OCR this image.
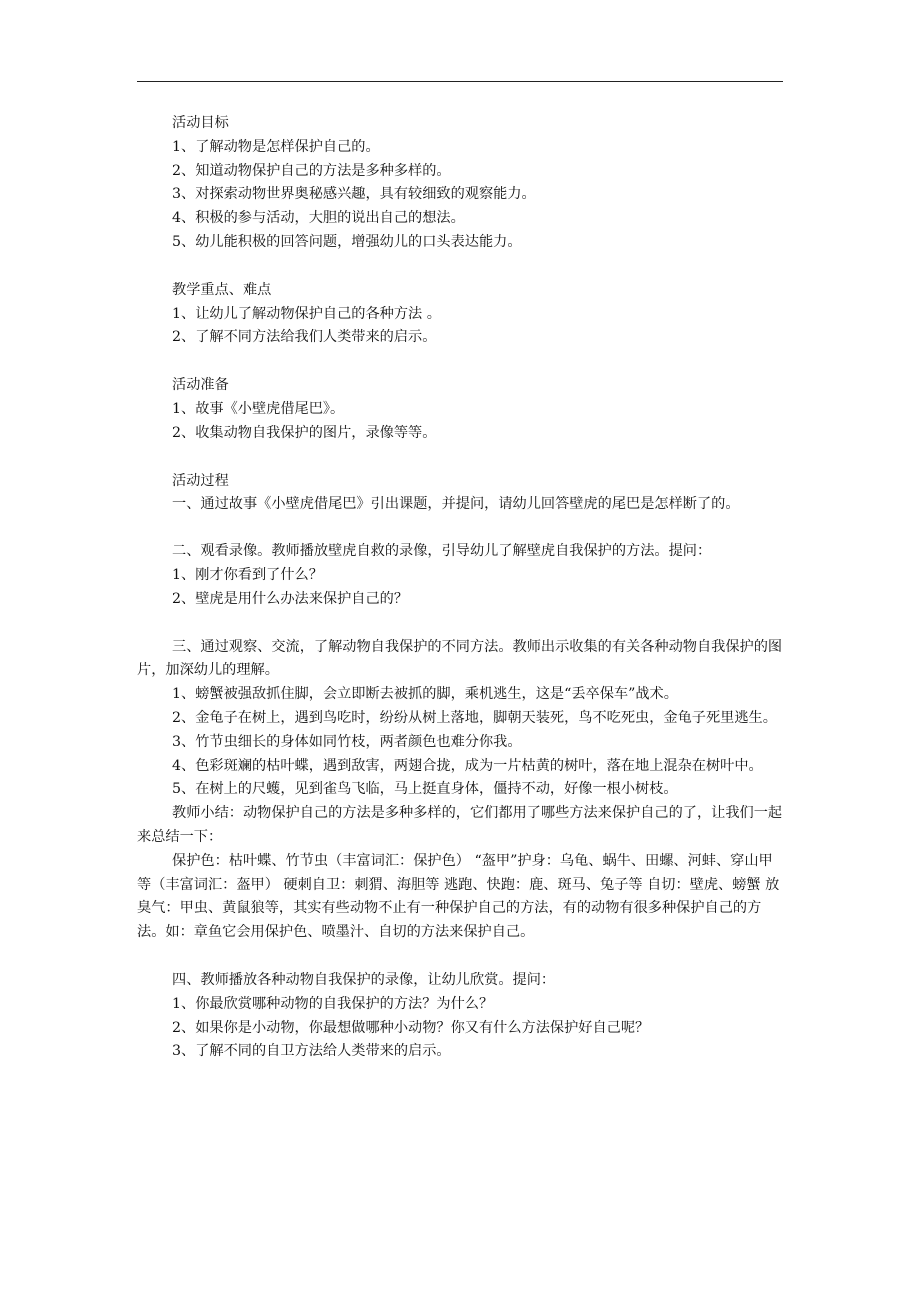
活动目标
1、了解动物是怎样保护自己的。
2、知道动物保护自己的方法是多种多样的。
3、对探索动物世界奥秘感兴趣，具有较细致的观察能力。
4、积极的参与活动，大胆的说出自己的想法。
5、幼儿能积极的回答问题，增强幼儿的口头表达能力。
教学重点、难点
1、让幼儿了解动物保护自己的各种方法 。
2、了解不同方法给我们人类带来的启示。
活动准备
1、故事《小壁虎借尾巴》。
2、收集动物自我保护的图片，录像等等。
活动过程

一、通过故事《小壁虎借尾巴》引出课题，并提问，请幼儿回答壁虎的尾巴是怎样断了的。

二、观看录像。教师播放壁虎自救的录像，引导幼儿了解壁虎自我保护的方法。提问：
1、刚才你看到了什么？
2、壁虎是用什么办法来保护自己的？

三、通过观察、交流，了解动物自我保护的不同方法。教师出示收集的有关各种动物自我保护的图片，加深幼儿的理解。

1、螃蟹被强敌抓住脚，会立即断去被抓的脚，乘机逃生，这是“丢卒保车”战术。

2、金龟子在树上，遇到鸟吃时，纷纷从树上落地，脚朝天装死，鸟不吃死虫，金龟子死里逃生。

3、竹节虫细长的身体如同竹枝，两者颜色也难分你我。

4、色彩斑斓的枯叶蝶，遇到敌害，两翅合拢，成为一片枯黄的树叶，落在地上混杂在树叶中。

5、在树上的尺蠖，见到雀鸟飞临，马上挺直身体，僵持不动，好像一根小树枝。

教师小结：动物保护自己的方法是多种多样的，它们都用了哪些方法来保护自己的了，让我们一起来总结一下：

保护色：枯叶蝶、竹节虫（丰富词汇：保护色） “盔甲”护身：乌龟、蜗牛、田螺、河蚌、穿山甲等（丰富词汇：盔甲） 硬刺自卫：刺猬、海胆等 逃跑、快跑：鹿、斑马、兔子等 自切：壁虎、螃蟹 放臭气：甲虫、黄鼠狼等，其实有些动物不止有一种保护自己的方法，有的动物有很多种保护自己的方法。如：章鱼它会用保护色、喷墨汁、自切的方法来保护自己。

四、教师播放各种动物自我保护的录像，让幼儿欣赏。提问：
1、你最欣赏哪种动物的自我保护的方法？为什么？
2、如果你是小动物，你最想做哪种小动物？你又有什么方法保护好自己呢？
3、了解不同的自卫方法给人类带来的启示。
